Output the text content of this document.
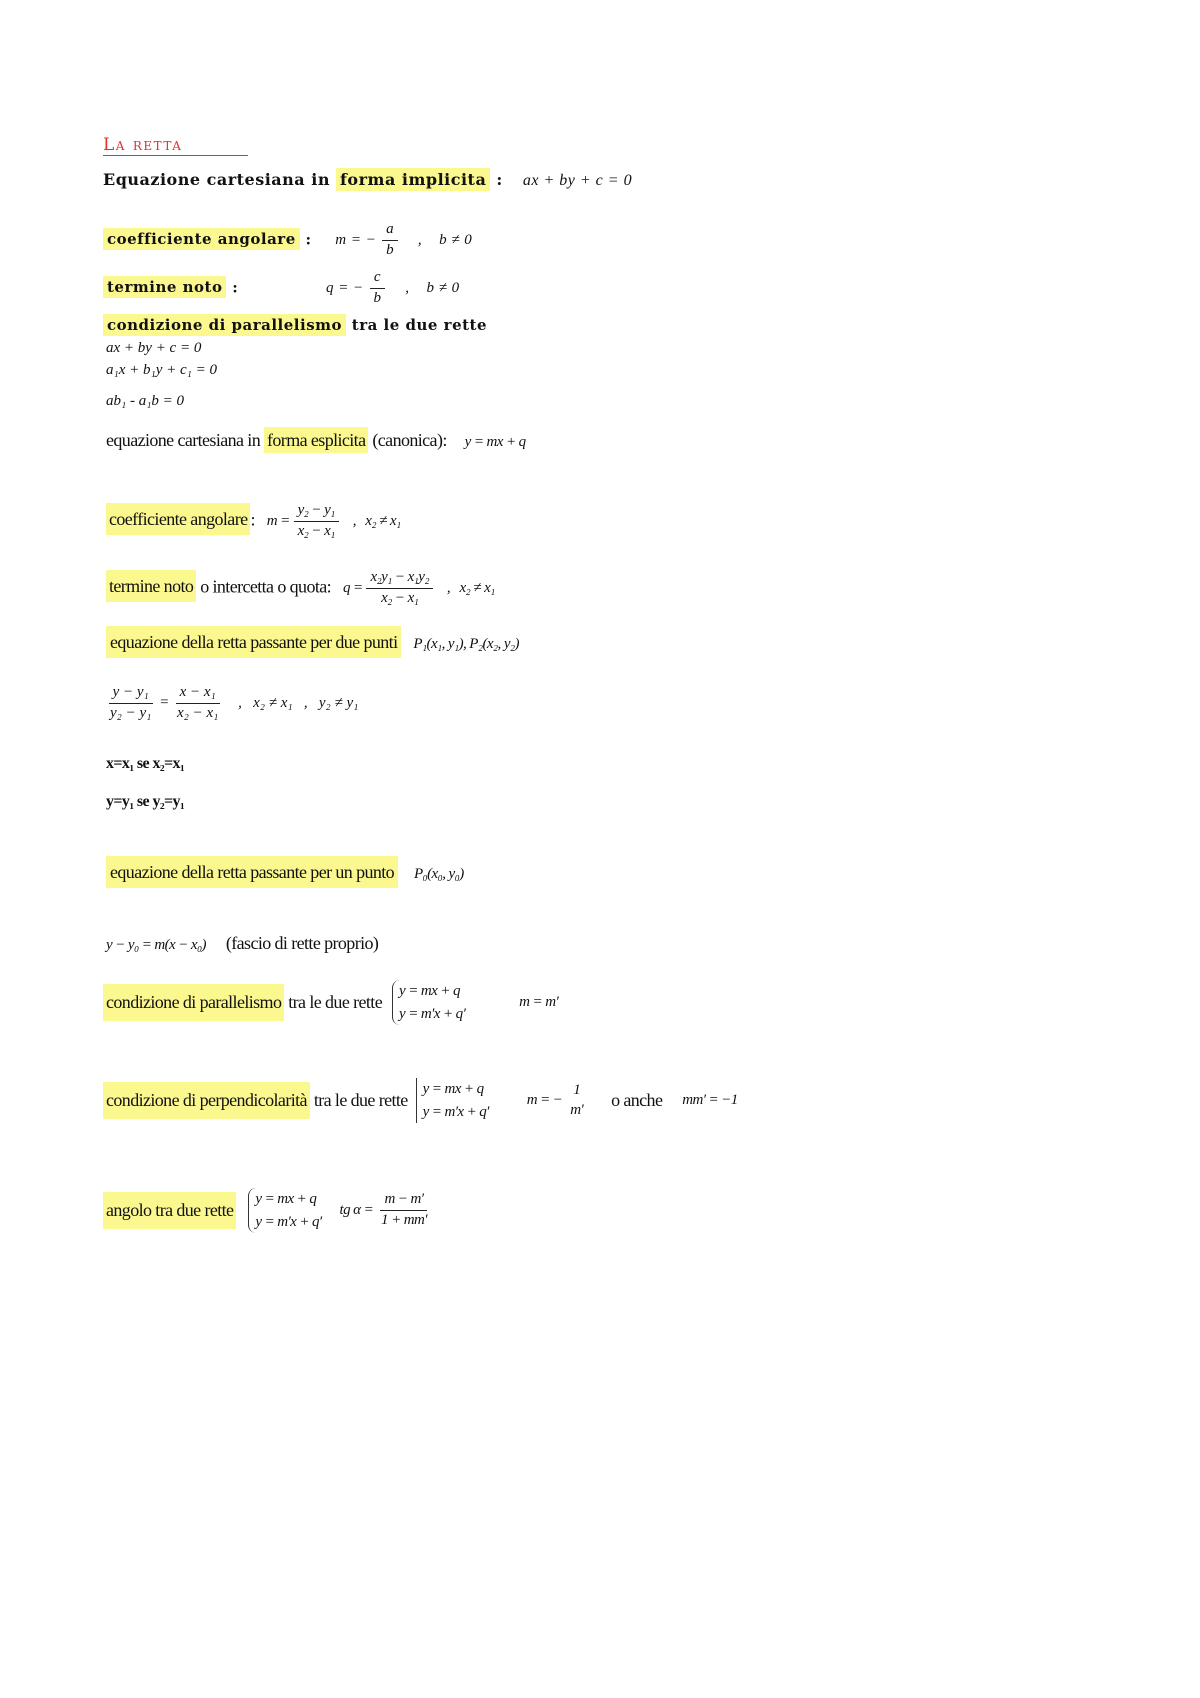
La retta
Equazione cartesiana in forma implicita : ax + by + c = 0
coefficiente angolare : m = − $\frac{a}{b}$ ,    b ≠ 0
termine noto :	q = − $\frac{c}{b}$ ,    b ≠ 0
condizione di parallelismo tra le due rette
ax + by + c = 0
a₁x + b₁y + c₁ = 0
ab₁ - a₁b = 0
equazione cartesiana in forma esplicita (canonica): y = mx + q
coefficiente angolare : $m = \frac{\text{y₂ − y₁}}{\text{x₂ − x₁}}$ ,   x₂ ≠ x₁
termine noto o intercetta o quota: $q = \frac{\text{x₂y₁ − x₁y₂}}{\text{x₂ − x₁}}$ ,   x₂ ≠ x₁
equazione della retta passante per due punti P₁(x₁, y₁), P₂(x₂, y₂)
$\frac{\text{y − y₁}}{\text{y₂ − y₁}} = \frac{\text{x − x₁}}{\text{x₂ − x₁}}$ ,   x₂ ≠ x₁   ,   y₂ ≠ y₁
x=x₁ se x₂=x₁
y=y₁ se y₂=y₁
equazione della retta passante per un punto P₀(x₀, y₀)
y − y₀ = m(x − x₀) (fascio di rette proprio)
condizione di parallelismo tra le due rette
y = mx + q
y = m′x + q′
m = m′
condizione di perpendicolarità tra le due rette
y = mx + q
y = m′x + q′
m = −
1
m′ o anche mm′ = −1
angolo tra due rette
y = mx + q
y = m′x + q′
tg $\alpha = \frac{m - m'}{1 + mm'}$
